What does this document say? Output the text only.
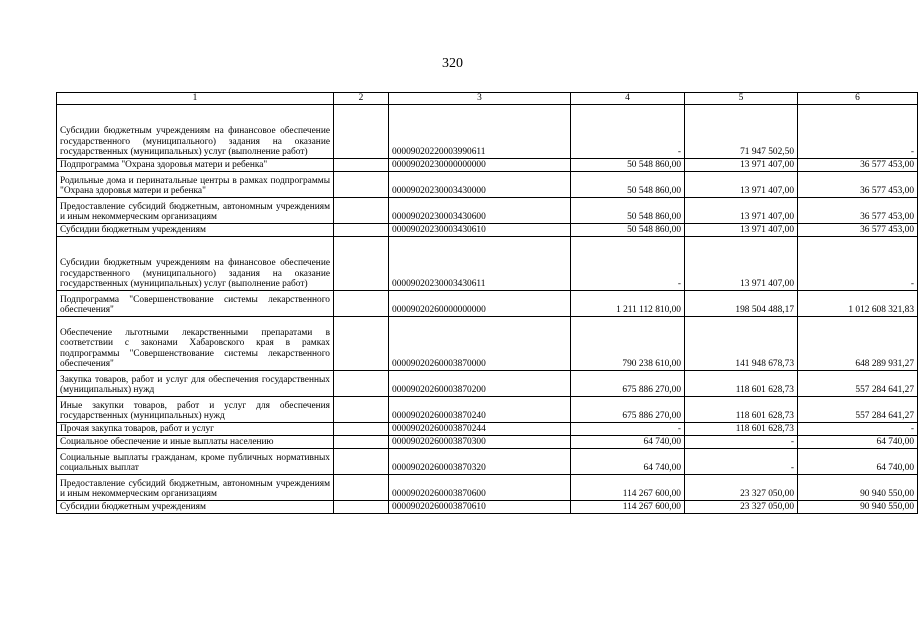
320
1	2	3	4	5	6
Субсидии бюджетным учреждениям на финансовое обеспечение государственного (муниципального) задания на оказание государственных (муниципальных) услуг (выполнение работ)		00009020220003990611	-	71 947 502,50	-
Подпрограмма "Охрана здоровья матери и ребенка"		00009020230000000000	50 548 860,00	13 971 407,00	36 577 453,00
Родильные дома и перинатальные центры в рамках подпрограммы "Охрана здоровья матери и ребенка"		00009020230003430000	50 548 860,00	13 971 407,00	36 577 453,00
Предоставление субсидий бюджетным, автономным учреждениям и иным некоммерческим организациям		00009020230003430600	50 548 860,00	13 971 407,00	36 577 453,00
Субсидии бюджетным учреждениям		00009020230003430610	50 548 860,00	13 971 407,00	36 577 453,00
Субсидии бюджетным учреждениям на финансовое обеспечение государственного (муниципального) задания на оказание государственных (муниципальных) услуг (выполнение работ)		00009020230003430611	-	13 971 407,00	-
Подпрограмма "Совершенствование системы лекарственного обеспечения"		00009020260000000000	1 211 112 810,00	198 504 488,17	1 012 608 321,83
Обеспечение льготными лекарственными препаратами в соответствии с законами Хабаровского края в рамках подпрограммы "Совершенствование системы лекарственного обеспечения"		00009020260003870000	790 238 610,00	141 948 678,73	648 289 931,27
Закупка товаров, работ и услуг для обеспечения государственных (муниципальных) нужд		00009020260003870200	675 886 270,00	118 601 628,73	557 284 641,27
Иные закупки товаров, работ и услуг для обеспечения государственных (муниципальных) нужд		00009020260003870240	675 886 270,00	118 601 628,73	557 284 641,27
Прочая закупка товаров, работ и услуг		00009020260003870244	-	118 601 628,73	-
Социальное обеспечение и иные выплаты населению		00009020260003870300	64 740,00	-	64 740,00
Социальные выплаты гражданам, кроме публичных нормативных социальных выплат		00009020260003870320	64 740,00	-	64 740,00
Предоставление субсидий бюджетным, автономным учреждениям и иным некоммерческим организациям		00009020260003870600	114 267 600,00	23 327 050,00	90 940 550,00
Субсидии бюджетным учреждениям		00009020260003870610	114 267 600,00	23 327 050,00	90 940 550,00
